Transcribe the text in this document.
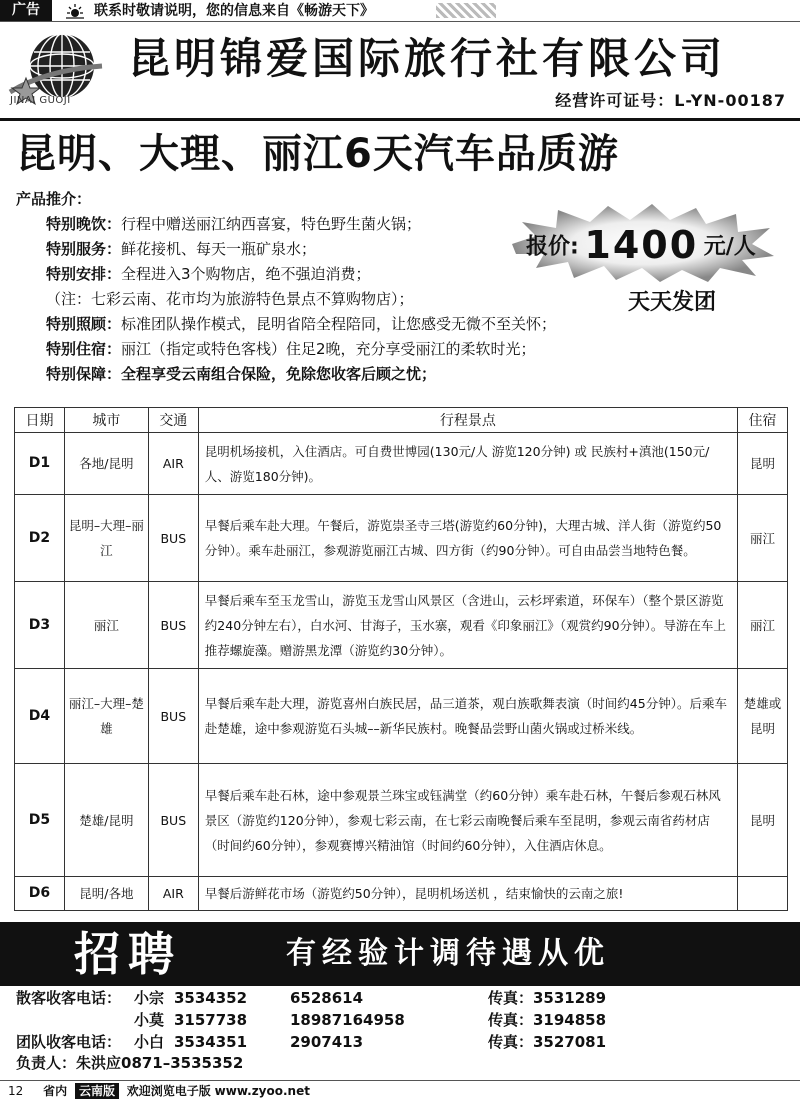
广告	联系时敬请说明，您的信息来自《畅游天下》
JINAI GUOJI
昆明锦爱国际旅行社有限公司
经营许可证号：L-YN-00187
昆明、大理、丽江6天汽车品质游
产品推介：
特别晚饮：行程中赠送丽江纳西喜宴，特色野生菌火锅；
特别服务：鲜花接机、每天一瓶矿泉水；
特别安排：全程进入3个购物店，绝不强迫消费；
（注：七彩云南、花市均为旅游特色景点不算购物店）；
特别照顾：标准团队操作模式，昆明省陪全程陪同，让您感受无微不至关怀；
特别住宿：丽江（指定或特色客栈）住足2晚，充分享受丽江的柔软时光；
特别保障：全程享受云南组合保险，免除您收客后顾之忧；
报价: 1400 元/人
天天发团
日期	城市	交通	行程景点	住宿
D1	各地/昆明	AIR	昆明机场接机，入住酒店。可自费世博园(130元/人 游览120分钟) 或 民族村+滇池(150元/人、游览180分钟)。	昆明
D2	昆明–大理–丽江	BUS	早餐后乘车赴大理。午餐后，游览崇圣寺三塔(游览约60分钟)，大理古城、洋人街（游览约50分钟）。乘车赴丽江，参观游览丽江古城、四方街（约90分钟）。可自由品尝当地特色餐。	丽江
D3	丽江	BUS	早餐后乘车至玉龙雪山，游览玉龙雪山风景区（含进山，云杉坪索道，环保车）（整个景区游览约240分钟左右），白水河、甘海子，玉水寨，观看《印象丽江》（观赏约90分钟）。导游在车上推荐螺旋藻。赠游黑龙潭（游览约30分钟）。	丽江
D4	丽江–大理–楚雄	BUS	早餐后乘车赴大理，游览喜州白族民居，品三道茶，观白族歌舞表演（时间约45分钟）。后乘车赴楚雄，途中参观游览石头城––新华民族村。晚餐品尝野山菌火锅或过桥米线。	楚雄或昆明
D5	楚雄/昆明	BUS	早餐后乘车赴石林，途中参观景兰珠宝或钰满堂（约60分钟）乘车赴石林，午餐后参观石林风景区（游览约120分钟），参观七彩云南，在七彩云南晚餐后乘车至昆明，参观云南省药材店（时间约60分钟），参观赛博兴精油馆（时间约60分钟），入住酒店休息。	昆明
D6	昆明/各地	AIR	早餐后游鲜花市场（游览约50分钟），昆明机场送机 ，结束愉快的云南之旅!	
招聘	有经验计调待遇从优
散客收客电话： 小宗 3534352	6528614	传真：3531289
小莫 3157738	18987164958	传真：3194858
团队收客电话： 小白 3534351	2907413	传真：3527081
负责人：朱洪应0871–3535352
12 省内 云南版 欢迎浏览电子版 www.zyoo.net
